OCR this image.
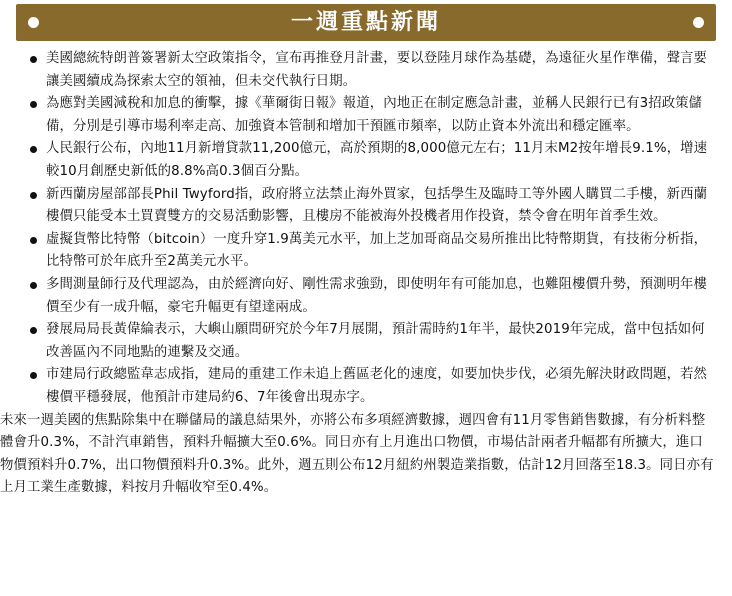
一週重點新聞
美國總統特朗普簽署新太空政策指令，宣布再推登月計畫，要以登陸月球作為基礎，為遠征火星作準備，聲言要讓美國續成為探索太空的領袖，但未交代執行日期。
為應對美國減稅和加息的衝擊，據《華爾街日報》報道，內地正在制定應急計畫，並稱人民銀行已有3招政策儲備，分別是引導市場利率走高、加強資本管制和增加干預匯市頻率，以防止資本外流出和穩定匯率。
人民銀行公布，內地11月新增貸款11,200億元，高於預期的8,000億元左右；11月末M2按年增長9.1%，增速較10月創歷史新低的8.8%高0.3個百分點。
新西蘭房屋部部長Phil Twyford指，政府將立法禁止海外買家，包括學生及臨時工等外國人購買二手樓，新西蘭樓價只能受本土買賣雙方的交易活動影響，且樓房不能被海外投機者用作投資，禁令會在明年首季生效。
虛擬貨幣比特幣（bitcoin）一度升穿1.9萬美元水平，加上芝加哥商品交易所推出比特幣期貨，有技術分析指，比特幣可於年底升至2萬美元水平。
多間測量師行及代理認為，由於經濟向好、剛性需求強勁，即使明年有可能加息，也難阻樓價升勢，預測明年樓價至少有一成升幅，豪宅升幅更有望達兩成。
發展局局長黃偉綸表示，大嶼山願問研究於今年7月展開，預計需時約1年半，最快2019年完成，當中包括如何改善區內不同地點的連繫及交通。
市建局行政總監韋志成指，建局的重建工作未追上舊區老化的速度，如要加快步伐，必須先解決財政問題，若然樓價平穩發展，他預計市建局約6、7年後會出現赤字。

未來一週美國的焦點除集中在聯儲局的議息結果外，亦將公布多項經濟數據，週四會有11月零售銷售數據，有分析料整體會升0.3%，不計汽車銷售，預料升幅擴大至0.6%。同日亦有上月進出口物價，市場估計兩者升幅都有所擴大，進口物價預料升0.7%，出口物價預料升0.3%。此外，週五則公布12月紐約州製造業指數，估計12月回落至18.3。同日亦有上月工業生產數據，料按月升幅收窄至0.4%。
